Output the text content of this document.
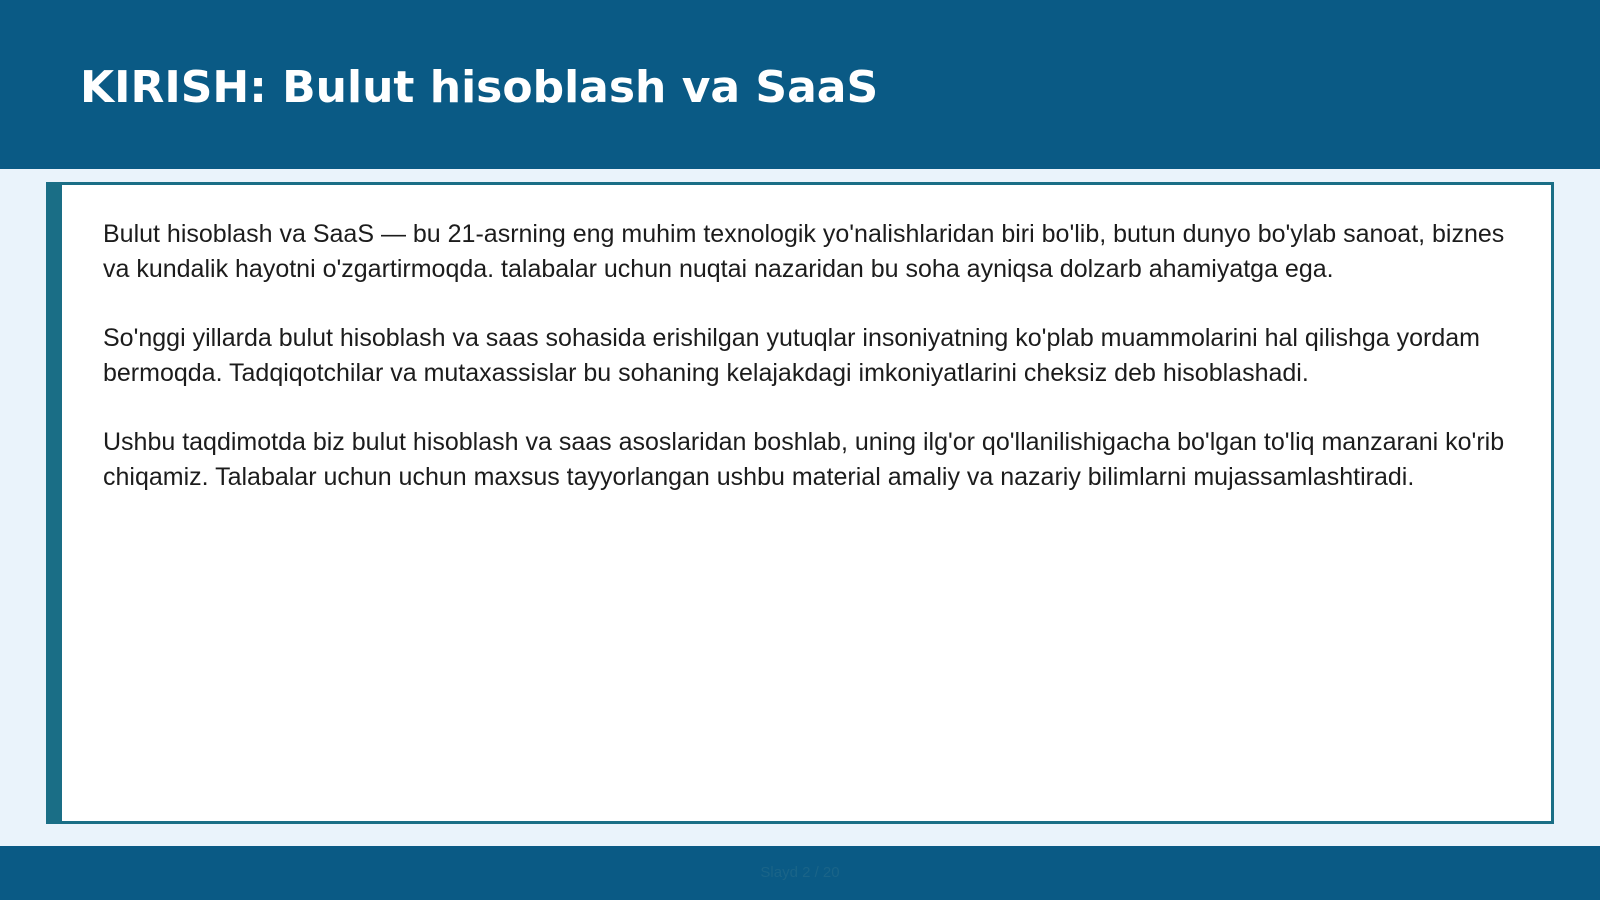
KIRISH: Bulut hisoblash va SaaS

Bulut hisoblash va SaaS — bu 21-asrning eng muhim texnologik yo'nalishlaridan biri bo'lib, butun dunyo bo'ylab sanoat, biznes va kundalik hayotni o'zgartirmoqda. talabalar uchun nuqtai nazaridan bu soha ayniqsa dolzarb ahamiyatga ega.

So'nggi yillarda bulut hisoblash va saas sohasida erishilgan yutuqlar insoniyatning ko'plab muammolarini hal qilishga yordam bermoqda. Tadqiqotchilar va mutaxassislar bu sohaning kelajakdagi imkoniyatlarini cheksiz deb hisoblashadi.

Ushbu taqdimotda biz bulut hisoblash va saas asoslaridan boshlab, uning ilg'or qo'llanilishigacha bo'lgan to'liq manzarani ko'rib chiqamiz. Talabalar uchun uchun maxsus tayyorlangan ushbu material amaliy va nazariy bilimlarni mujassamlashtiradi.

Slayd 2 / 20
